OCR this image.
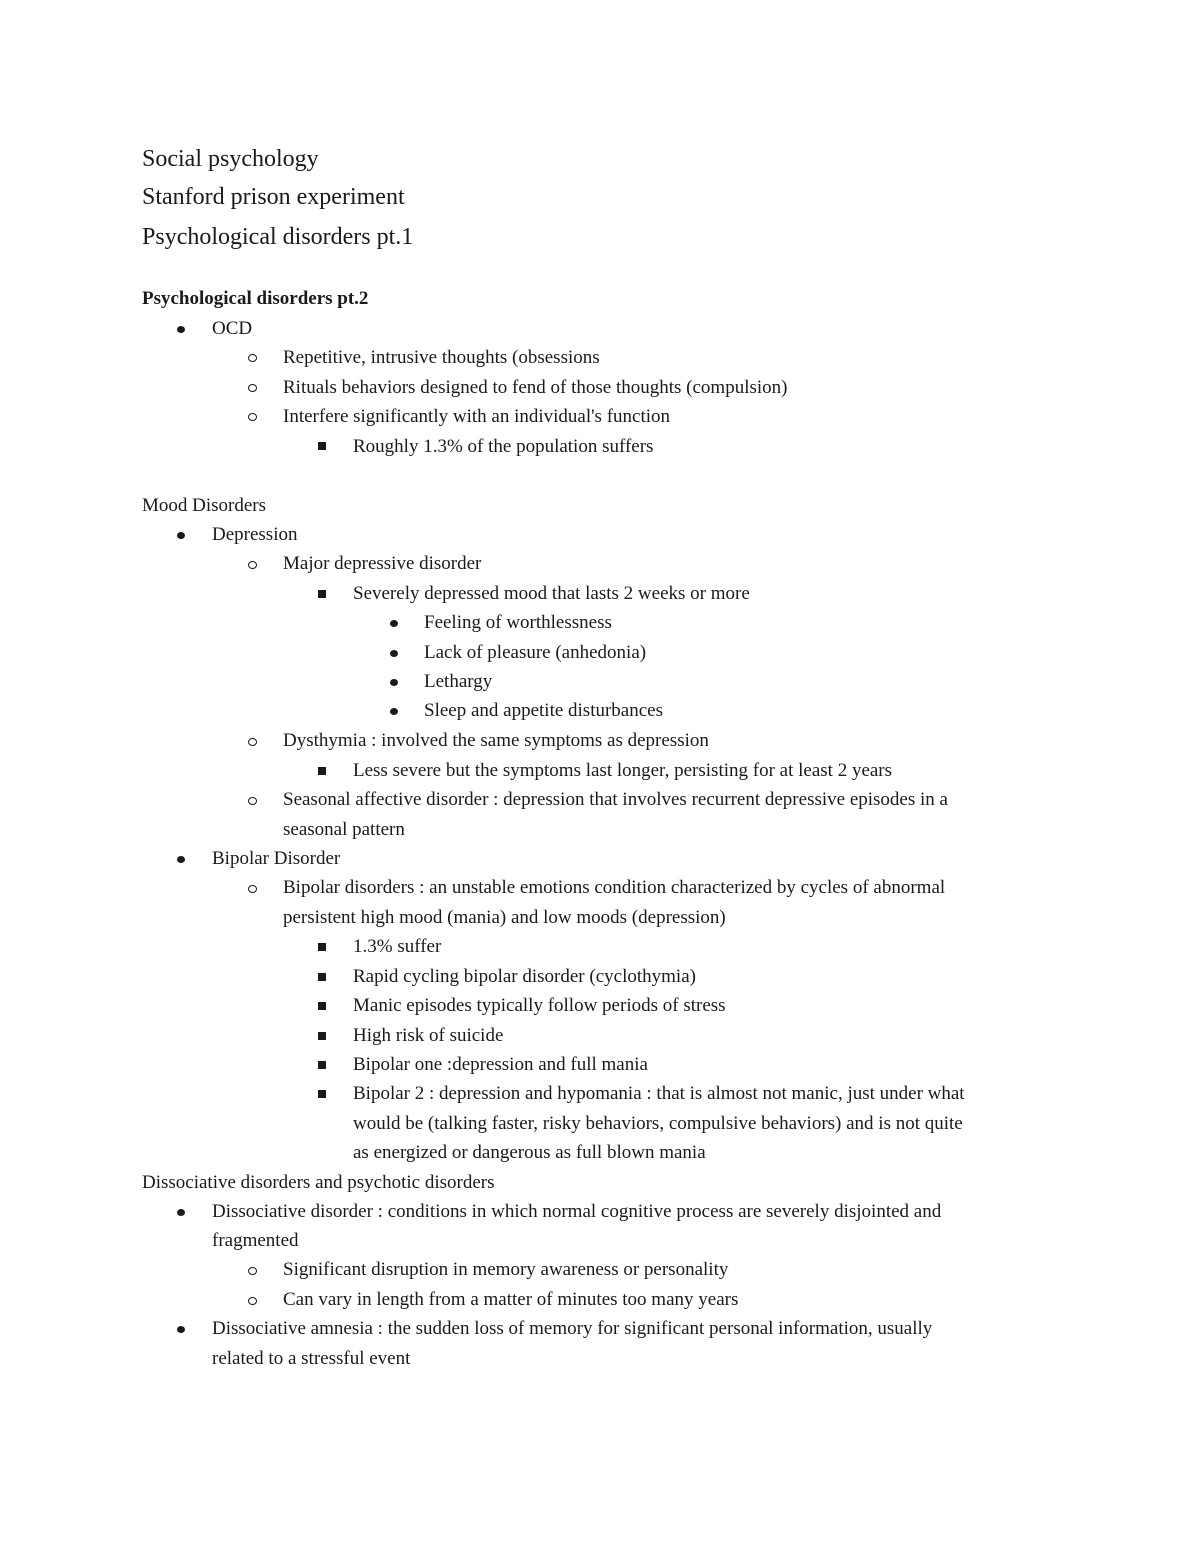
Social psychology
Stanford prison experiment
Psychological disorders pt.1
Psychological disorders pt.2
OCD
Repetitive, intrusive thoughts (obsessions
Rituals behaviors designed to fend of those thoughts (compulsion)
Interfere significantly with an individual's function
Roughly 1.3% of the population suffers
Mood Disorders
Depression
Major depressive disorder
Severely depressed mood that lasts 2 weeks or more
Feeling of worthlessness
Lack of pleasure (anhedonia)
Lethargy
Sleep and appetite disturbances
Dysthymia : involved the same symptoms as depression
Less severe but the symptoms last longer, persisting for at least 2 years
Seasonal affective disorder : depression that involves recurrent depressive episodes in a
seasonal pattern
Bipolar Disorder
Bipolar disorders : an unstable emotions condition characterized by cycles of abnormal
persistent high mood (mania) and low moods (depression)
1.3% suffer
Rapid cycling bipolar disorder (cyclothymia)
Manic episodes typically follow periods of stress
High risk of suicide
Bipolar one :depression and full mania
Bipolar 2 : depression and hypomania : that is almost not manic, just under what
would be (talking faster, risky behaviors, compulsive behaviors) and is not quite
as energized or dangerous as full blown mania
Dissociative disorders and psychotic disorders
Dissociative disorder : conditions in which normal cognitive process are severely disjointed and
fragmented
Significant disruption in memory awareness or personality
Can vary in length from a matter of minutes too many years
Dissociative amnesia : the sudden loss of memory for significant personal information, usually
related to a stressful event
